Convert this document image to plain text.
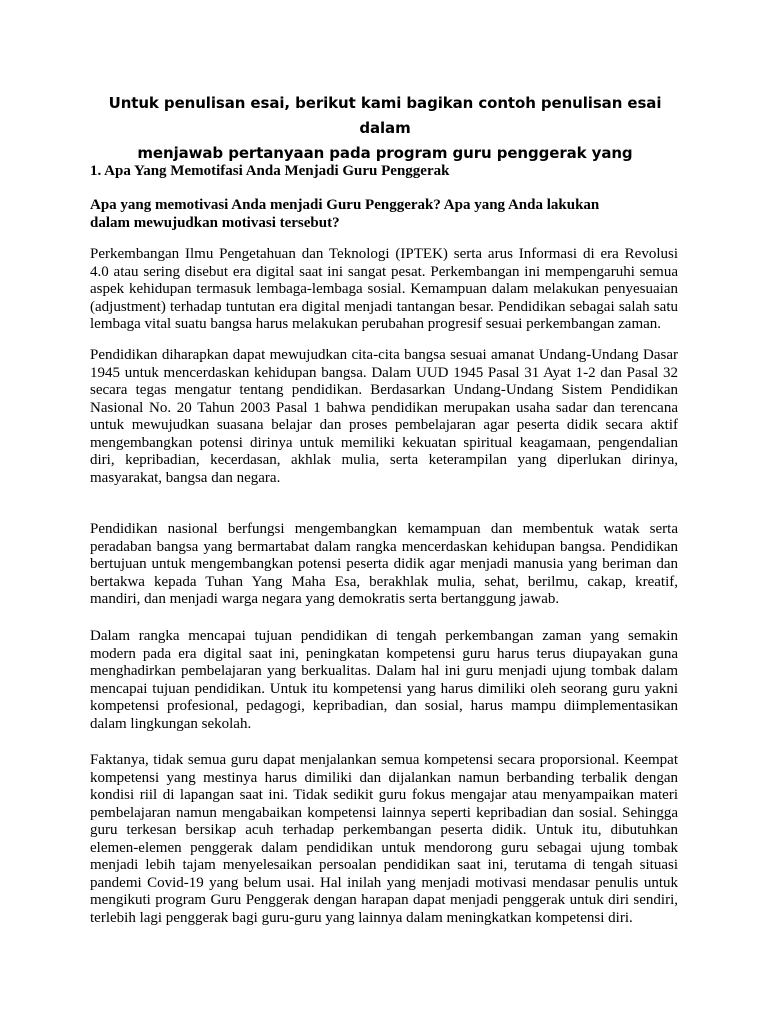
Untuk penulisan esai, berikut kami bagikan contoh penulisan esai dalam
menjawab pertanyaan pada program guru penggerak yang
1. Apa Yang Memotifasi Anda Menjadi Guru Penggerak
Apa yang memotivasi Anda menjadi Guru Penggerak? Apa yang Anda lakukan
dalam mewujudkan motivasi tersebut?
Perkembangan Ilmu Pengetahuan dan Teknologi (IPTEK) serta arus Informasi di era Revolusi
4.0 atau sering disebut era digital saat ini sangat pesat. Perkembangan ini mempengaruhi semua
aspek kehidupan termasuk lembaga-lembaga sosial. Kemampuan dalam melakukan penyesuaian
(adjustment) terhadap tuntutan era digital menjadi tantangan besar. Pendidikan sebagai salah satu
lembaga vital suatu bangsa harus melakukan perubahan progresif sesuai perkembangan zaman.
Pendidikan diharapkan dapat mewujudkan cita-cita bangsa sesuai amanat Undang-Undang Dasar
1945 untuk mencerdaskan kehidupan bangsa. Dalam UUD 1945 Pasal 31 Ayat 1-2 dan Pasal 32
secara tegas mengatur tentang pendidikan. Berdasarkan Undang-Undang Sistem Pendidikan
Nasional No. 20 Tahun 2003 Pasal 1 bahwa pendidikan merupakan usaha sadar dan terencana
untuk mewujudkan suasana belajar dan proses pembelajaran agar peserta didik secara aktif
mengembangkan potensi dirinya untuk memiliki kekuatan spiritual keagamaan, pengendalian
diri, kepribadian, kecerdasan, akhlak mulia, serta keterampilan yang diperlukan dirinya,
masyarakat, bangsa dan negara.
Pendidikan nasional berfungsi mengembangkan kemampuan dan membentuk watak serta
peradaban bangsa yang bermartabat dalam rangka mencerdaskan kehidupan bangsa. Pendidikan
bertujuan untuk mengembangkan potensi peserta didik agar menjadi manusia yang beriman dan
bertakwa kepada Tuhan Yang Maha Esa, berakhlak mulia, sehat, berilmu, cakap, kreatif,
mandiri, dan menjadi warga negara yang demokratis serta bertanggung jawab.
Dalam rangka mencapai tujuan pendidikan di tengah perkembangan zaman yang semakin
modern pada era digital saat ini, peningkatan kompetensi guru harus terus diupayakan guna
menghadirkan pembelajaran yang berkualitas. Dalam hal ini guru menjadi ujung tombak dalam
mencapai tujuan pendidikan. Untuk itu kompetensi yang harus dimiliki oleh seorang guru yakni
kompetensi profesional, pedagogi, kepribadian, dan sosial, harus mampu diimplementasikan
dalam lingkungan sekolah.
Faktanya, tidak semua guru dapat menjalankan semua kompetensi secara proporsional. Keempat
kompetensi yang mestinya harus dimiliki dan dijalankan namun berbanding terbalik dengan
kondisi riil di lapangan saat ini. Tidak sedikit guru fokus mengajar atau menyampaikan materi
pembelajaran namun mengabaikan kompetensi lainnya seperti kepribadian dan sosial. Sehingga
guru terkesan bersikap acuh terhadap perkembangan peserta didik. Untuk itu, dibutuhkan
elemen-elemen penggerak dalam pendidikan untuk mendorong guru sebagai ujung tombak
menjadi lebih tajam menyelesaikan persoalan pendidikan saat ini, terutama di tengah situasi
pandemi Covid-19 yang belum usai. Hal inilah yang menjadi motivasi mendasar penulis untuk
mengikuti program Guru Penggerak dengan harapan dapat menjadi penggerak untuk diri sendiri,
terlebih lagi penggerak bagi guru-guru yang lainnya dalam meningkatkan kompetensi diri.
